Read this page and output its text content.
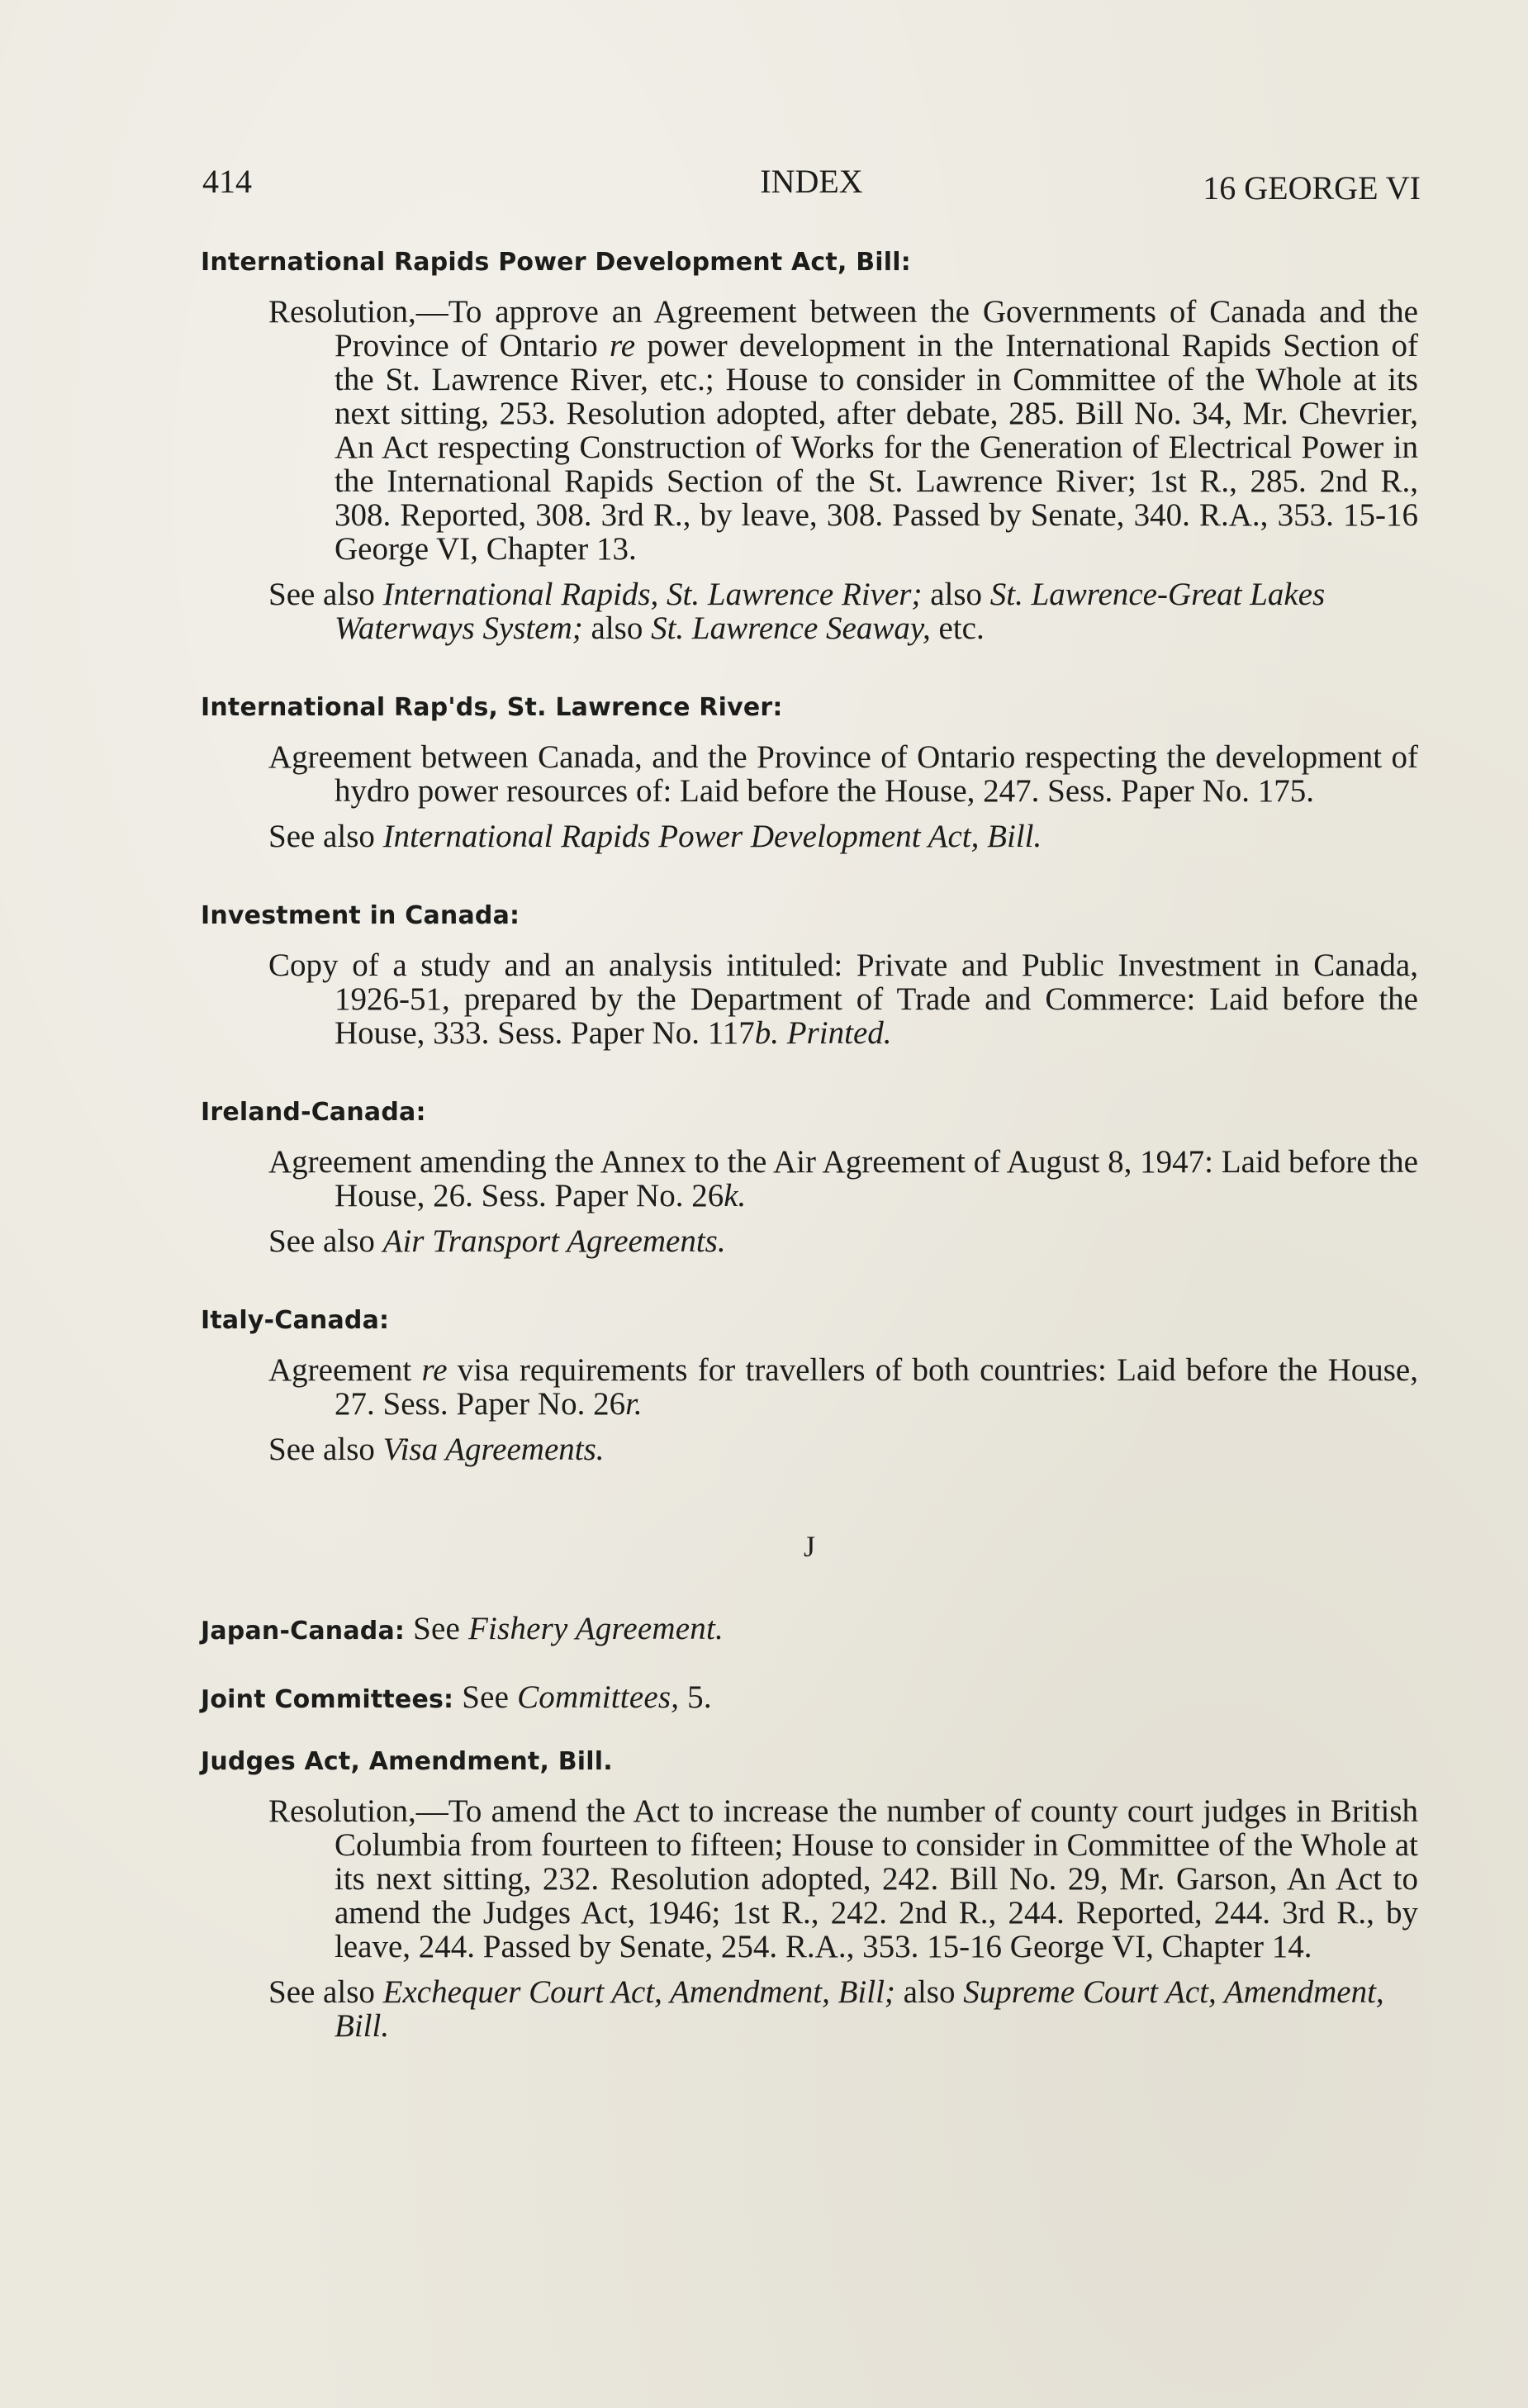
414	INDEX	16 GEORGE VI
International Rapids Power Development Act, Bill:

Resolution,—To approve an Agreement between the Governments of Canada and the Province of Ontario re power development in the International Rapids Section of the St. Lawrence River, etc.; House to consider in Committee of the Whole at its next sitting, 253. Resolution adopted, after debate, 285. Bill No. 34, Mr. Chevrier, An Act respecting Construction of Works for the Generation of Electrical Power in the International Rapids Section of the St. Lawrence River; 1st R., 285. 2nd R., 308. Reported, 308. 3rd R., by leave, 308. Passed by Senate, 340. R.A., 353. 15-16 George VI, Chapter 13.

See also International Rapids, St. Lawrence River; also St. Lawrence-Great Lakes Waterways System; also St. Lawrence Seaway, etc.

International Rap'ds, St. Lawrence River:

Agreement between Canada, and the Province of Ontario respecting the development of hydro power resources of: Laid before the House, 247. Sess. Paper No. 175.

See also International Rapids Power Development Act, Bill.

Investment in Canada:

Copy of a study and an analysis intituled: Private and Public Investment in Canada, 1926-51, prepared by the Department of Trade and Commerce: Laid before the House, 333. Sess. Paper No. 117b. Printed.

Ireland-Canada:

Agreement amending the Annex to the Air Agreement of August 8, 1947: Laid before the House, 26. Sess. Paper No. 26k.

See also Air Transport Agreements.

Italy-Canada:

Agreement re visa requirements for travellers of both countries: Laid before the House, 27. Sess. Paper No. 26r.

See also Visa Agreements.

J
Japan-Canada: See Fishery Agreement.
Joint Committees: See Committees, 5.
Judges Act, Amendment, Bill.

Resolution,—To amend the Act to increase the number of county court judges in British Columbia from fourteen to fifteen; House to consider in Committee of the Whole at its next sitting, 232. Resolution adopted, 242. Bill No. 29, Mr. Garson, An Act to amend the Judges Act, 1946; 1st R., 242. 2nd R., 244. Reported, 244. 3rd R., by leave, 244. Passed by Senate, 254. R.A., 353. 15-16 George VI, Chapter 14.

See also Exchequer Court Act, Amendment, Bill; also Supreme Court Act, Amendment, Bill.
